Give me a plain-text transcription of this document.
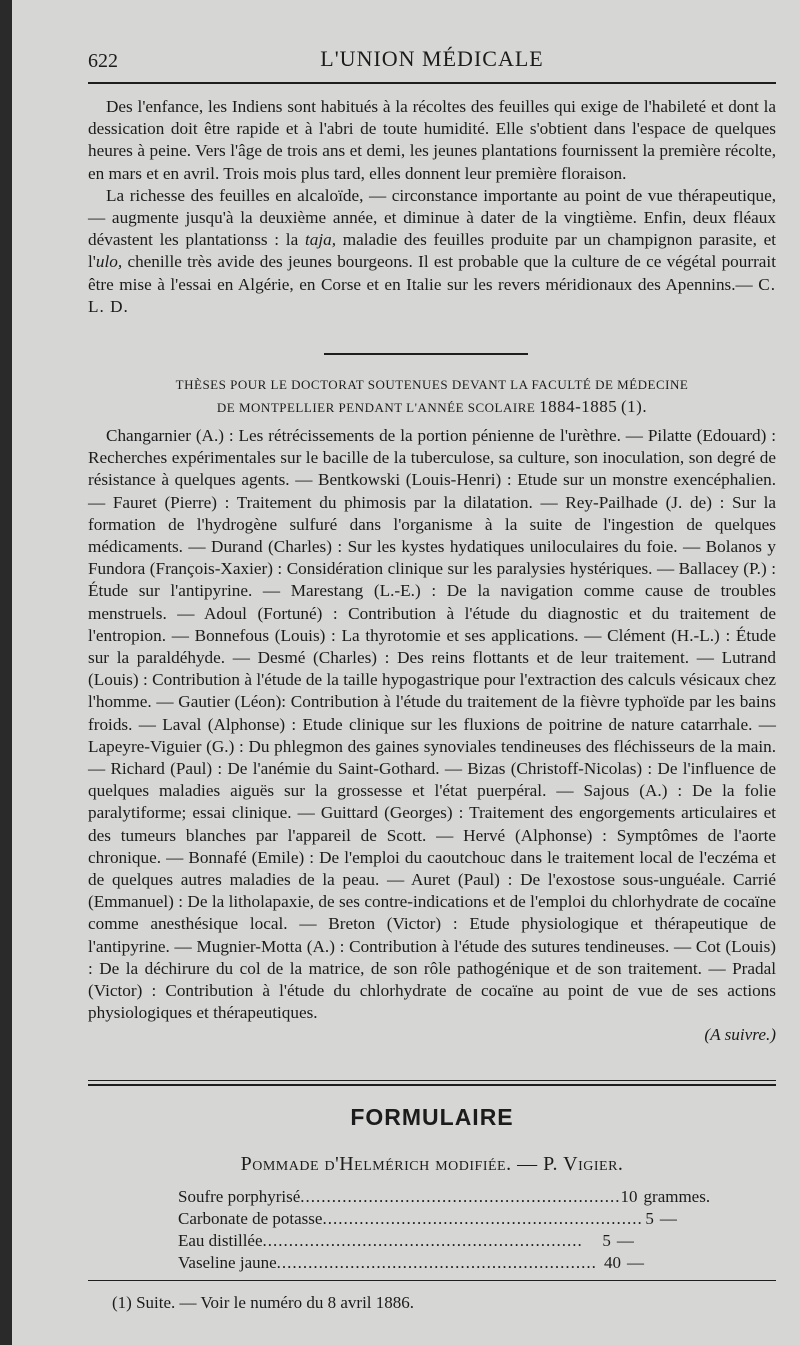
622	L'UNION MÉDICALE

Des l'enfance, les Indiens sont habitués à la récoltes des feuilles qui exige de l'habileté et dont la dessication doit être rapide et à l'abri de toute humidité. Elle s'obtient dans l'espace de quelques heures à peine. Vers l'âge de trois ans et demi, les jeunes plantations fournissent la première récolte, en mars et en avril. Trois mois plus tard, elles donnent leur première floraison.

La richesse des feuilles en alcaloïde, — circonstance importante au point de vue thérapeutique, — augmente jusqu'à la deuxième année, et diminue à dater de la vingtième. Enfin, deux fléaux dévastent les plantationss : la taja, maladie des feuilles produite par un champignon parasite, et l'ulo, chenille très avide des jeunes bourgeons. Il est probable que la culture de ce végétal pourrait être mise à l'essai en Algérie, en Corse et en Italie sur les revers méridionaux des Apennins.— C. L. D.

THÈSES POUR LE DOCTORAT SOUTENUES DEVANT LA FACULTÉ DE MÉDECINE
DE MONTPELLIER PENDANT L'ANNÉE SCOLAIRE 1884-1885 (1).

Changarnier (A.) : Les rétrécissements de la portion pénienne de l'urèthre. — Pilatte (Edouard) : Recherches expérimentales sur le bacille de la tuberculose, sa culture, son inoculation, son degré de résistance à quelques agents. — Bentkowski (Louis-Henri) : Etude sur un monstre exencéphalien. — Fauret (Pierre) : Traitement du phimosis par la dilatation. — Rey-Pailhade (J. de) : Sur la formation de l'hydrogène sulfuré dans l'organisme à la suite de l'ingestion de quelques médicaments. — Durand (Charles) : Sur les kystes hydatiques uniloculaires du foie. — Bolanos y Fundora (François-Xaxier) : Considération clinique sur les paralysies hystériques. — Ballacey (P.) : Étude sur l'antipyrine. — Marestang (L.-E.) : De la navigation comme cause de troubles menstruels. — Adoul (Fortuné) : Contribution à l'étude du diagnostic et du traitement de l'entropion. — Bonnefous (Louis) : La thyrotomie et ses applications. — Clément (H.-L.) : Étude sur la paraldéhyde. — Desmé (Charles) : Des reins flottants et de leur traitement. — Lutrand (Louis) : Contribution à l'étude de la taille hypogastrique pour l'extraction des calculs vésicaux chez l'homme. — Gautier (Léon): Contribution à l'étude du traitement de la fièvre typhoïde par les bains froids. — Laval (Alphonse) : Etude clinique sur les fluxions de poitrine de nature catarrhale. — Lapeyre-Viguier (G.) : Du phlegmon des gaines synoviales tendineuses des fléchisseurs de la main. — Richard (Paul) : De l'anémie du Saint-Gothard. — Bizas (Christoff-Nicolas) : De l'influence de quelques maladies aiguës sur la grossesse et l'état puerpéral. — Sajous (A.) : De la folie paralytiforme; essai clinique. — Guittard (Georges) : Traitement des engorgements articulaires et des tumeurs blanches par l'appareil de Scott. — Hervé (Alphonse) : Symptômes de l'aorte chronique. — Bonnafé (Emile) : De l'emploi du caoutchouc dans le traitement local de l'eczéma et de quelques autres maladies de la peau. — Auret (Paul) : De l'exostose sous-unguéale. Carrié (Emmanuel) : De la litholapaxie, de ses contre-indications et de l'emploi du chlorhydrate de cocaïne comme anesthésique local. — Breton (Victor) : Etude physiologique et thérapeutique de l'antipyrine. — Mugnier-Motta (A.) : Contribution à l'étude des sutures tendineuses. — Cot (Louis) : De la déchirure du col de la matrice, de son rôle pathogénique et de son traitement. — Pradal (Victor) : Contribution à l'étude du chlorhydrate de cocaïne au point de vue de ses actions physiologiques et thérapeutiques.

(A suivre.)

FORMULAIRE
Pommade d'Helmérich modifiée. — P. Vigier.
Soufre porphyrisé ............................................................. 10 grammes.
Carbonate de potasse ............................................................. 5 —
Eau distillée .............................................................	5 —
Vaseline jaune ............................................................. 40 —
(1) Suite. — Voir le numéro du 8 avril 1886.
